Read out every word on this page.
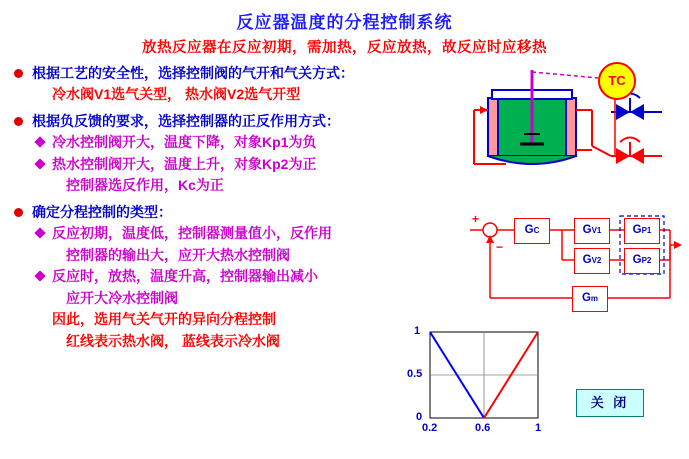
反应器温度的分程控制系统
放热反应器在反应初期，需加热，反应放热，故反应时应移热
根据工艺的安全性，选择控制阀的气开和气关方式：
冷水阀V1选气关型， 热水阀V2选气开型
根据负反馈的要求，选择控制器的正反作用方式：
冷水控制阀开大，温度下降，对象Kp1为负
热水控制阀开大，温度上升，对象Kp2为正
控制器选反作用，Kc为正
确定分程控制的类型：
反应初期，温度低，控制器测量值小，反作用
控制器的输出大，应开大热水控制阀
反应时，放热，温度升高，控制器输出减小
应开大冷水控制阀
因此，选用气关气开的异向分程控制
红线表示热水阀， 蓝线表示冷水阀
TC
G C	G V1
G V2
G P1
G P2
G m
+
−
1
0.5
0
0.2	0.6	1
关 闭
